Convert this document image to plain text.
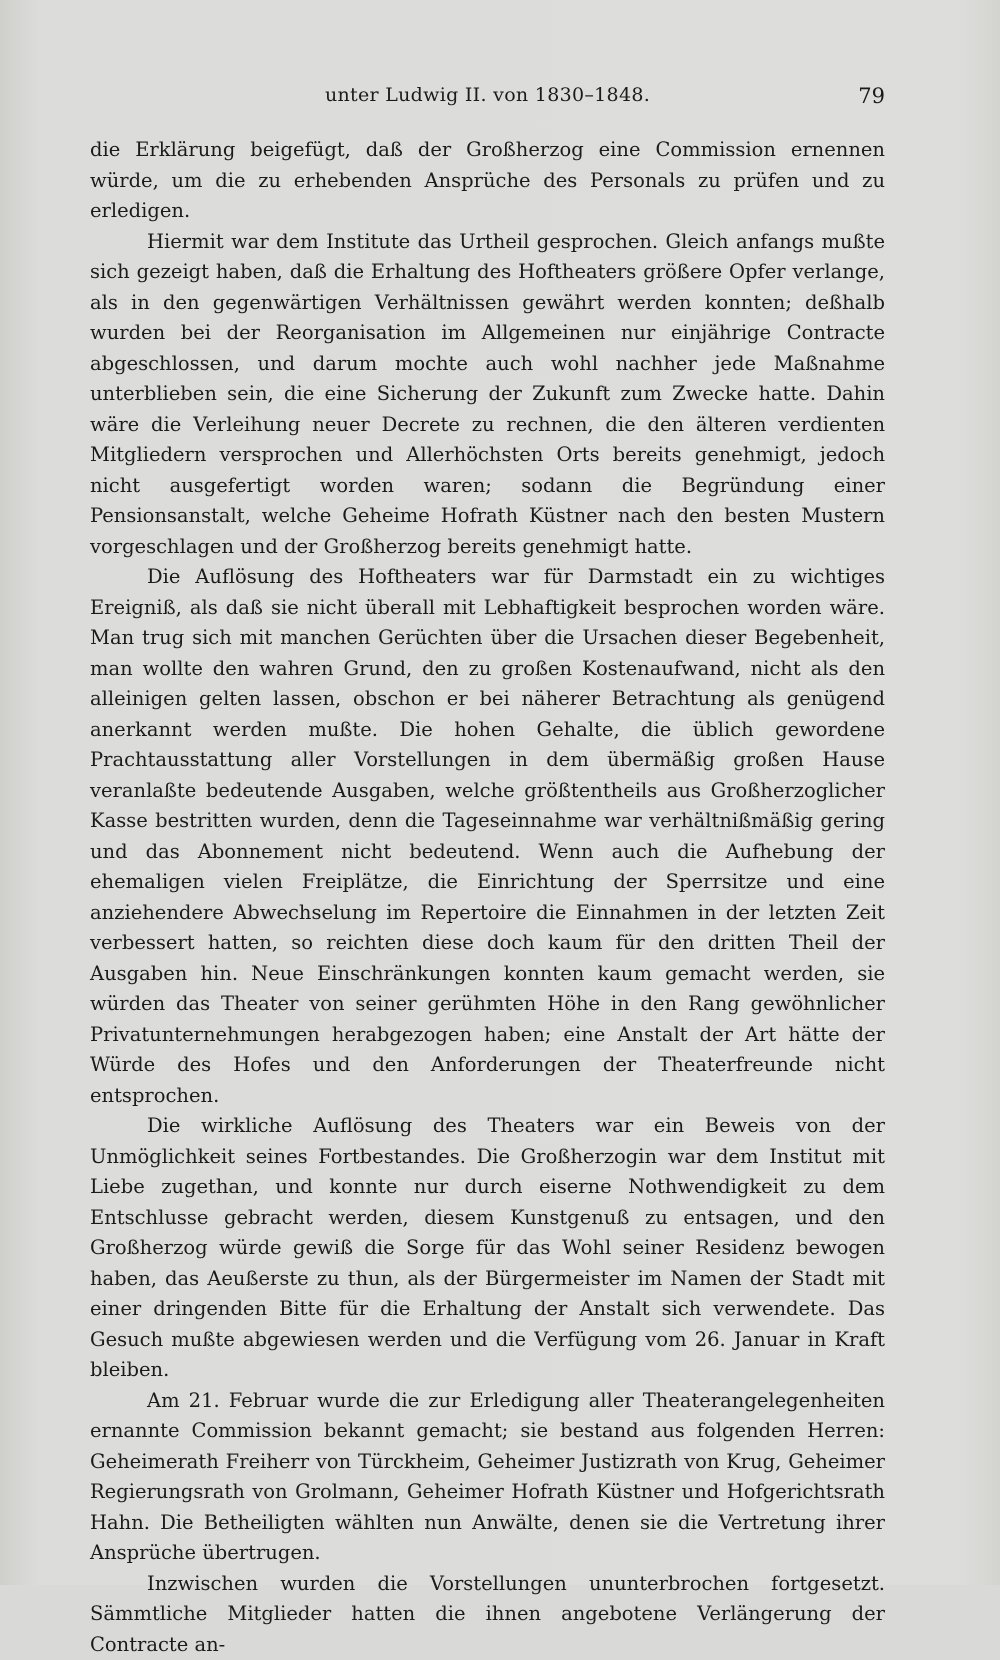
unter Ludwig II. von 1830–1848.	79

die Erklärung beigefügt, daß der Großherzog eine Commission ernennen würde, um die zu erhebenden Ansprüche des Personals zu prüfen und zu erledigen.

Hiermit war dem Institute das Urtheil gesprochen. Gleich anfangs mußte sich gezeigt haben, daß die Erhaltung des Hoftheaters größere Opfer verlange, als in den gegenwärtigen Verhältnissen gewährt werden konnten; deßhalb wurden bei der Reorganisation im Allgemeinen nur einjährige Contracte abgeschlossen, und darum mochte auch wohl nachher jede Maßnahme unterblieben sein, die eine Sicherung der Zukunft zum Zwecke hatte. Dahin wäre die Verleihung neuer Decrete zu rechnen, die den älteren verdienten Mitgliedern versprochen und Allerhöchsten Orts bereits genehmigt, jedoch nicht ausgefertigt worden waren; sodann die Begründung einer Pensionsanstalt, welche Geheime Hofrath Küstner nach den besten Mustern vorgeschlagen und der Großherzog bereits genehmigt hatte.

Die Auflösung des Hoftheaters war für Darmstadt ein zu wichtiges Ereigniß, als daß sie nicht überall mit Lebhaftigkeit besprochen worden wäre. Man trug sich mit manchen Gerüchten über die Ursachen dieser Begebenheit, man wollte den wahren Grund, den zu großen Kostenaufwand, nicht als den alleinigen gelten lassen, obschon er bei näherer Betrachtung als genügend anerkannt werden mußte. Die hohen Gehalte, die üblich gewordene Prachtausstattung aller Vorstellungen in dem übermäßig großen Hause veranlaßte bedeutende Ausgaben, welche größtentheils aus Großherzoglicher Kasse bestritten wurden, denn die Tageseinnahme war verhältnißmäßig gering und das Abonnement nicht bedeutend. Wenn auch die Aufhebung der ehemaligen vielen Freiplätze, die Einrichtung der Sperrsitze und eine anziehendere Abwechselung im Repertoire die Einnahmen in der letzten Zeit verbessert hatten, so reichten diese doch kaum für den dritten Theil der Ausgaben hin. Neue Einschränkungen konnten kaum gemacht werden, sie würden das Theater von seiner gerühmten Höhe in den Rang gewöhnlicher Privatunternehmungen herabgezogen haben; eine Anstalt der Art hätte der Würde des Hofes und den Anforderungen der Theaterfreunde nicht entsprochen.

Die wirkliche Auflösung des Theaters war ein Beweis von der Unmöglichkeit seines Fortbestandes. Die Großherzogin war dem Institut mit Liebe zugethan, und konnte nur durch eiserne Nothwendigkeit zu dem Entschlusse gebracht werden, diesem Kunstgenuß zu entsagen, und den Großherzog würde gewiß die Sorge für das Wohl seiner Residenz bewogen haben, das Aeußerste zu thun, als der Bürgermeister im Namen der Stadt mit einer dringenden Bitte für die Erhaltung der Anstalt sich verwendete. Das Gesuch mußte abgewiesen werden und die Verfügung vom 26. Januar in Kraft bleiben.

Am 21. Februar wurde die zur Erledigung aller Theaterangelegenheiten ernannte Commission bekannt gemacht; sie bestand aus folgenden Herren: Geheimerath Freiherr von Türckheim, Geheimer Justizrath von Krug, Geheimer Regierungsrath von Grolmann, Geheimer Hofrath Küstner und Hofgerichtsrath Hahn. Die Betheiligten wählten nun Anwälte, denen sie die Vertretung ihrer Ansprüche übertrugen.

Inzwischen wurden die Vorstellungen ununterbrochen fortgesetzt. Sämmtliche Mitglieder hatten die ihnen angebotene Verlängerung der Contracte an-
